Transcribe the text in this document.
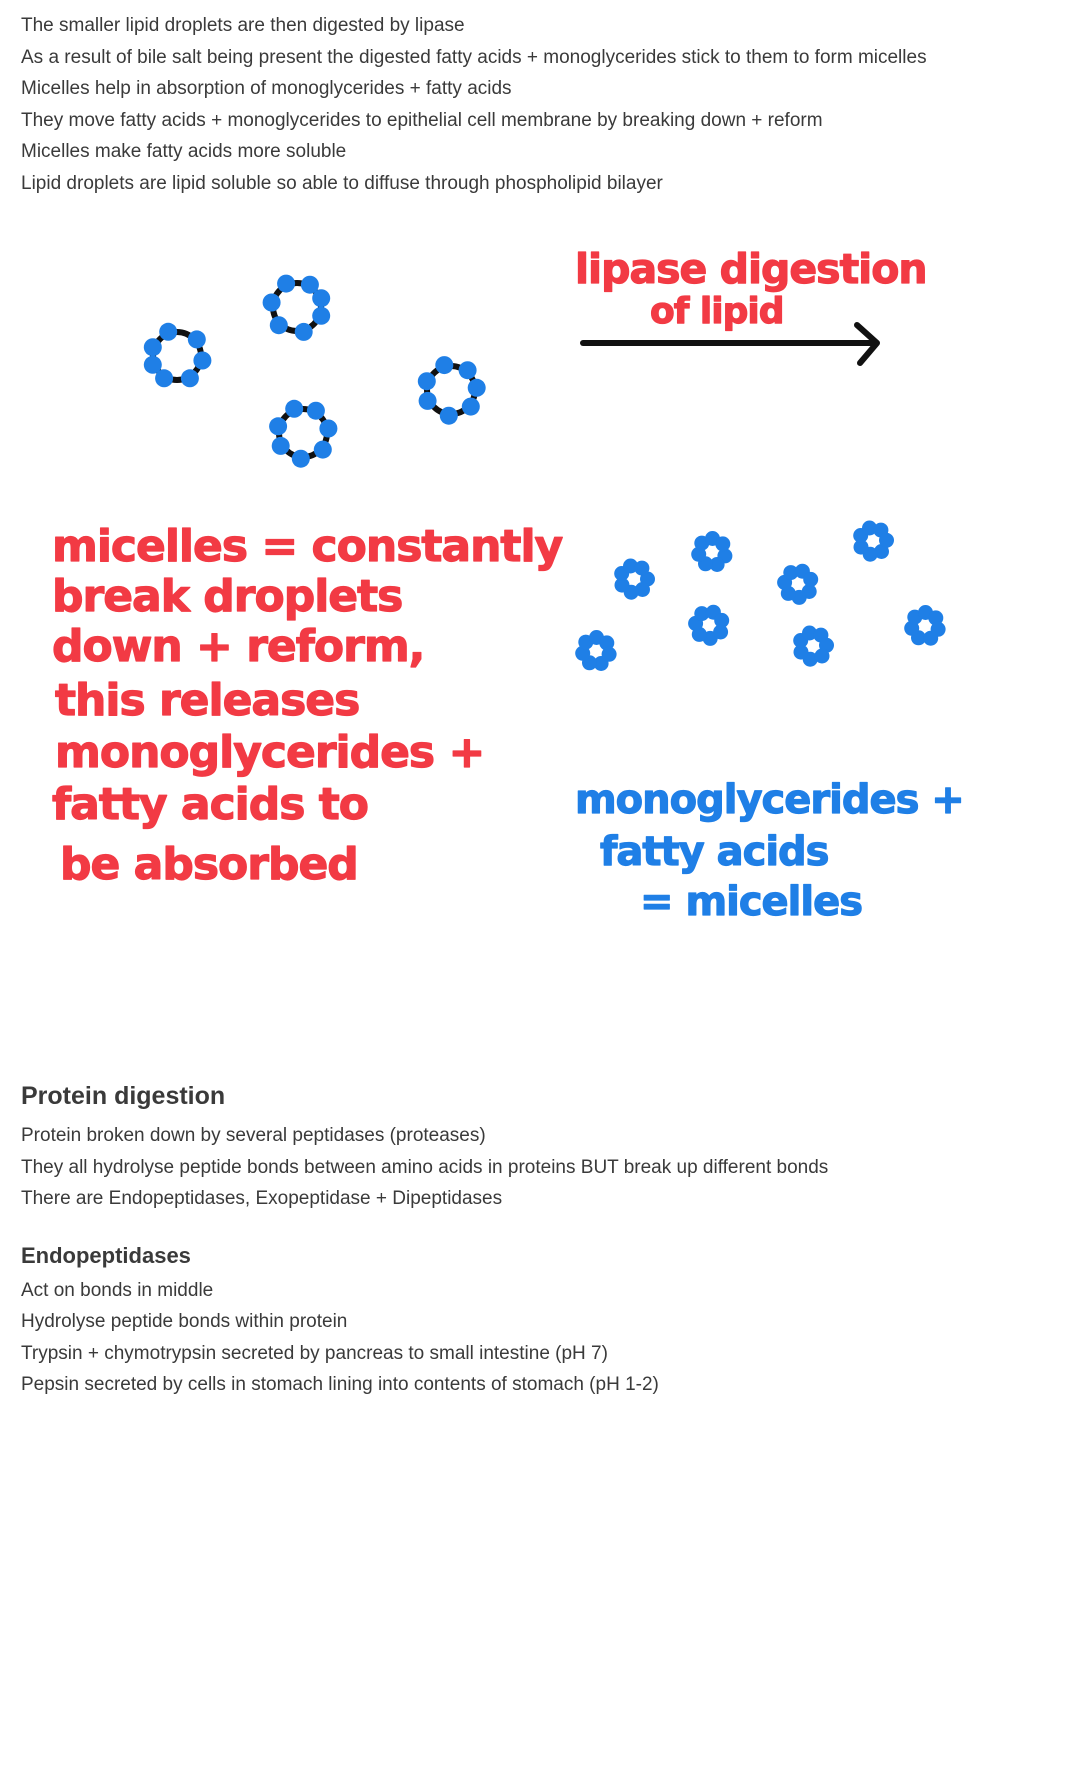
The smaller lipid droplets are then digested by lipase
As a result of bile salt being present the digested fatty acids + monoglycerides stick to them to form micelles
Micelles help in absorption of monoglycerides + fatty acids
They move fatty acids + monoglycerides to epithelial cell membrane by breaking down + reform
Micelles make fatty acids more soluble
Lipid droplets are lipid soluble so able to diffuse through phospholipid bilayer
lipase digestion
of lipid
micelles = constantly
break droplets
down + reform,
this releases
monoglycerides +
fatty acids to
be absorbed
monoglycerides +
fatty acids
= micelles
Protein digestion
Protein broken down by several peptidases (proteases)
They all hydrolyse peptide bonds between amino acids in proteins BUT break up different bonds
There are Endopeptidases, Exopeptidase + Dipeptidases
Endopeptidases
Act on bonds in middle
Hydrolyse peptide bonds within protein
Trypsin + chymotrypsin secreted by pancreas to small intestine (pH 7)
Pepsin secreted by cells in stomach lining into contents of stomach (pH 1-2)
